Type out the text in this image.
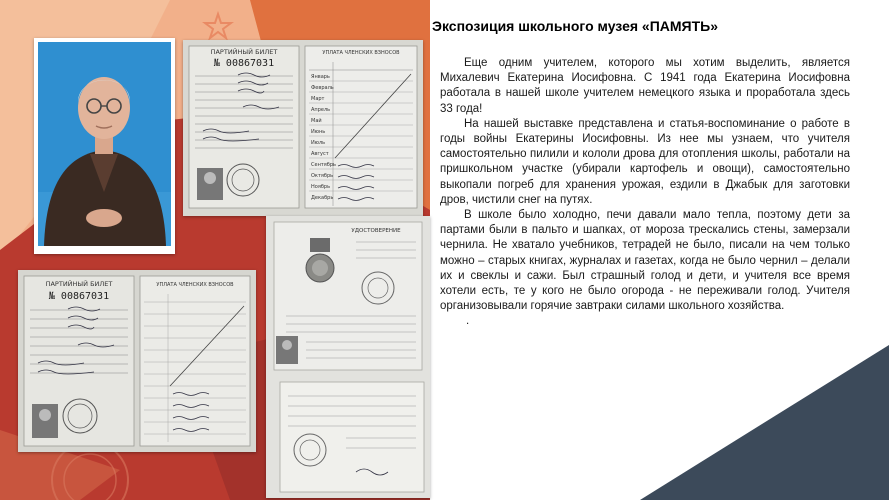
ПАРТИЙНЫЙ БИЛЕТ
№ 00867031
УПЛАТА ЧЛЕНСКИХ ВЗНОСОВ
Январь
Февраль
Март
Апрель
Май
Июнь
Июль
Август
Сентябрь
Октябрь
Ноябрь
Декабрь
ПАРТИЙНЫЙ БИЛЕТ
№ 00867031
УПЛАТА ЧЛЕНСКИХ ВЗНОСОВ
УДОСТОВЕРЕНИЕ
Экспозиция школьного музея «ПАМЯТЬ»

Еще одним учителем, которого мы хотим выделить, является Михалевич Екатерина Иосифовна. С 1941 года Екатерина Иосифовна работала в нашей школе учителем немецкого языка и проработала здесь 33 года!

На нашей выставке представлена и статья-воспоминание о работе в годы войны Екатерины Иосифовны. Из нее мы узнаем, что учителя самостоятельно пилили и кололи дрова для отопления школы, работали на пришкольном участке (убирали картофель и овощи), самостоятельно выкопали погреб для хранения урожая, ездили в Джабык для заготовки дров, чистили снег на путях.

В школе было холодно, печи давали мало тепла, поэтому дети за партами были в пальто и шапках, от мороза трескались стены, замерзали чернила. Не хватало учебников, тетрадей не было, писали на чем только можно – старых книгах, журналах и газетах, когда не было чернил – делали их и свеклы и сажи. Был страшный голод и дети, и учителя все время хотели есть, те у кого не было огорода - не переживали голод. Учителя организовывали горячие завтраки силами школьного хозяйства.

.
